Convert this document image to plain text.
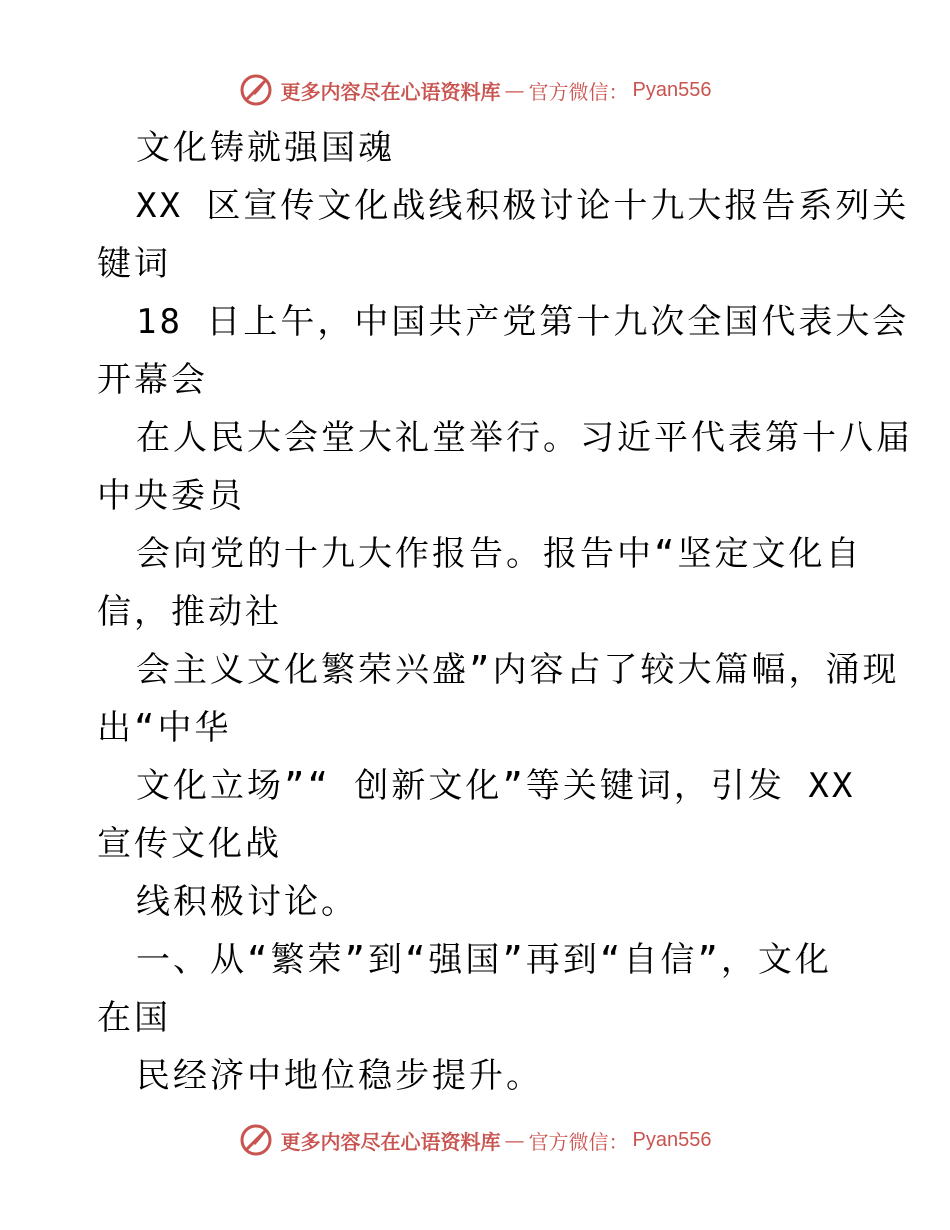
更多内容尽在心语资料库 — 官方微信： Pyan556
文化铸就强国魂
XX 区宣传文化战线积极讨论十九大报告系列关
键词
18 日上午，中国共产党第十九次全国代表大会
开幕会
在人民大会堂大礼堂举行。习近平代表第十八届
中央委员
会向党的十九大作报告。报告中“坚定文化自
信，推动社
会主义文化繁荣兴盛”内容占了较大篇幅，涌现
出“中华
文化立场”“ 创新文化”等关键词，引发 XX
宣传文化战
线积极讨论。
一、从“繁荣”到“强国”再到“自信”，文化
在国
民经济中地位稳步提升。
更多内容尽在心语资料库 — 官方微信： Pyan556
